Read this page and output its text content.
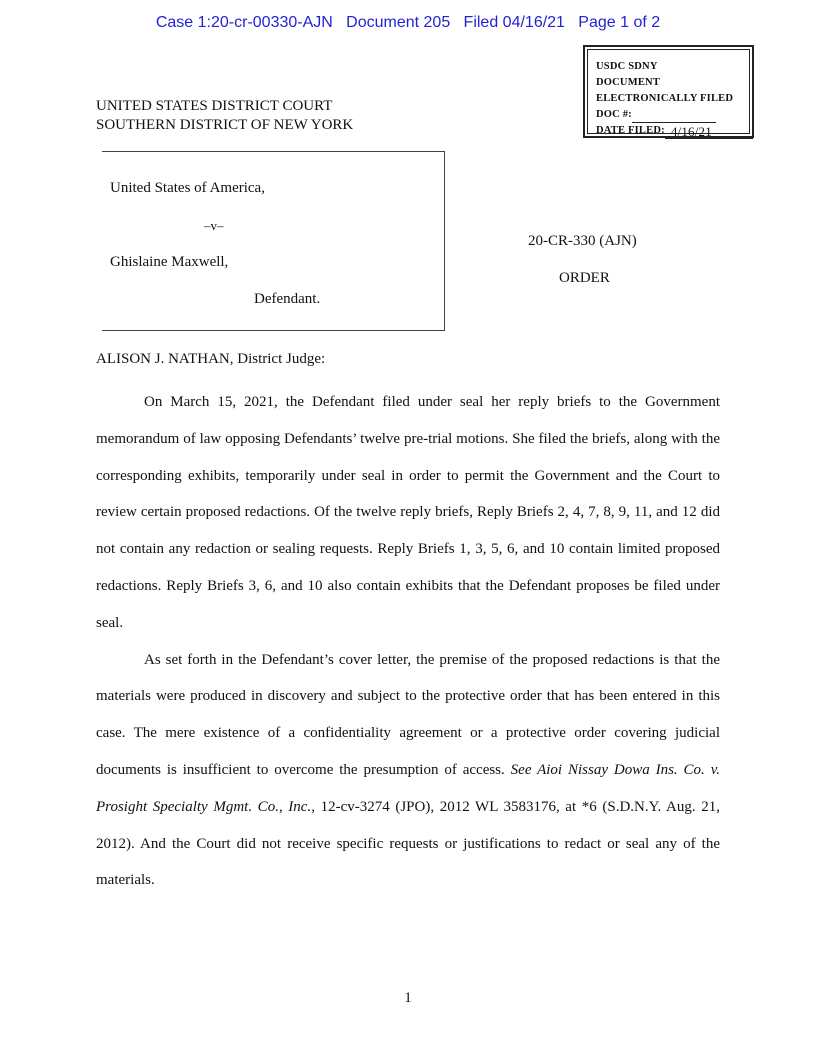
Case 1:20-cr-00330-AJN   Document 205   Filed 04/16/21   Page 1 of 2
USDC SDNY
DOCUMENT
ELECTRONICALLY FILED
DOC #:
DATE FILED: 4/16/21
UNITED STATES DISTRICT COURT
SOUTHERN DISTRICT OF NEW YORK
United States of America,
–v–
Ghislaine Maxwell,
Defendant.
20-CR-330 (AJN)
ORDER
ALISON J. NATHAN, District Judge:

On March 15, 2021, the Defendant filed under seal her reply briefs to the Government memorandum of law opposing Defendants’ twelve pre-trial motions. She filed the briefs, along with the corresponding exhibits, temporarily under seal in order to permit the Government and the Court to review certain proposed redactions. Of the twelve reply briefs, Reply Briefs 2, 4, 7, 8, 9, 11, and 12 did not contain any redaction or sealing requests. Reply Briefs 1, 3, 5, 6, and 10 contain limited proposed redactions. Reply Briefs 3, 6, and 10 also contain exhibits that the Defendant proposes be filed under seal.

As set forth in the Defendant’s cover letter, the premise of the proposed redactions is that the materials were produced in discovery and subject to the protective order that has been entered in this case. The mere existence of a confidentiality agreement or a protective order covering judicial documents is insufficient to overcome the presumption of access. See Aioi Nissay Dowa Ins. Co. v. Prosight Specialty Mgmt. Co., Inc., 12-cv-3274 (JPO), 2012 WL 3583176, at *6 (S.D.N.Y. Aug. 21, 2012). And the Court did not receive specific requests or justifications to redact or seal any of the materials.

1
